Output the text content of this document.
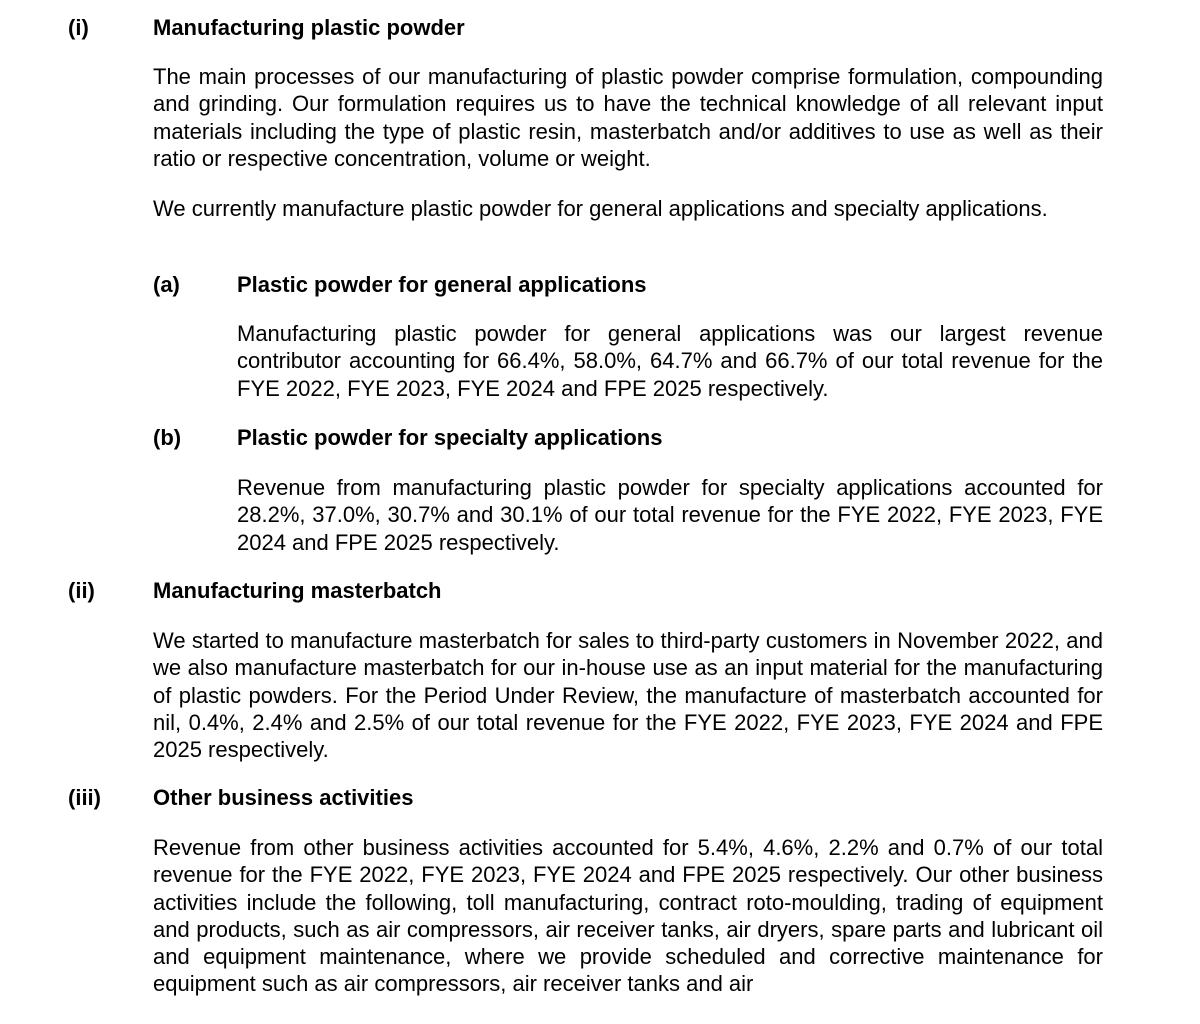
(i)	Manufacturing plastic powder

The main processes of our manufacturing of plastic powder comprise formulation, compounding and grinding. Our formulation requires us to have the technical knowledge of all relevant input materials including the type of plastic resin, masterbatch and/or additives to use as well as their ratio or respective concentration, volume or weight.

We currently manufacture plastic powder for general applications and specialty applications.

(a)	Plastic powder for general applications

Manufacturing plastic powder for general applications was our largest revenue contributor accounting for 66.4%, 58.0%, 64.7% and 66.7% of our total revenue for the FYE 2022, FYE 2023, FYE 2024 and FPE 2025 respectively.

(b)	Plastic powder for specialty applications

Revenue from manufacturing plastic powder for specialty applications accounted for 28.2%, 37.0%, 30.7% and 30.1% of our total revenue for the FYE 2022, FYE 2023, FYE 2024 and FPE 2025 respectively.

(ii)	Manufacturing masterbatch

We started to manufacture masterbatch for sales to third-party customers in November 2022, and we also manufacture masterbatch for our in-house use as an input material for the manufacturing of plastic powders. For the Period Under Review, the manufacture of masterbatch accounted for nil, 0.4%, 2.4% and 2.5% of our total revenue for the FYE 2022, FYE 2023, FYE 2024 and FPE 2025 respectively.

(iii) Other business activities

Revenue from other business activities accounted for 5.4%, 4.6%, 2.2% and 0.7% of our total revenue for the FYE 2022, FYE 2023, FYE 2024 and FPE 2025 respectively. Our other business activities include the following, toll manufacturing, contract roto-moulding, trading of equipment and products, such as air compressors, air receiver tanks, air dryers, spare parts and lubricant oil and equipment maintenance, where we provide scheduled and corrective maintenance for equipment such as air compressors, air receiver tanks and air
